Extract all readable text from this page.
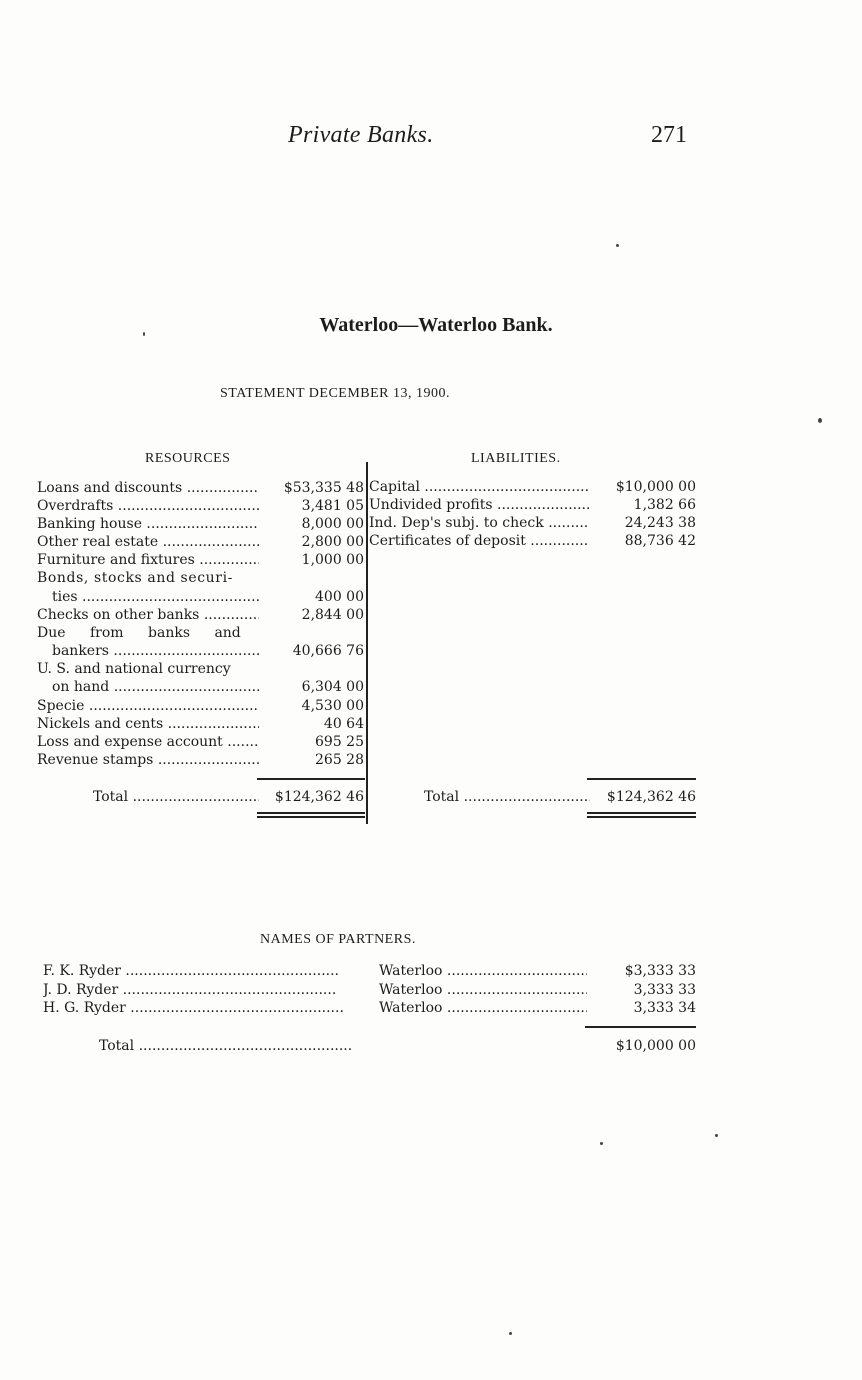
Private Banks.	271
Waterloo—Waterloo Bank.
STATEMENT DECEMBER 13, 1900.
RESOURCES	LIABILITIES.
Loans and discounts .....	$53,335 48
Overdrafts .....	3,481 05
Banking house .....	8,000 00
Other real estate .....	2,800 00
Furniture and fixtures .....	1,000 00
Bonds, stocks and securi-
ties .....	400 00
Checks on other banks .....	2,844 00
Due from banks and
bankers .....	40,666 76
U. S. and national currency
on hand .....	6,304 00
Specie .....	4,530 00
Nickels and cents .....	40 64
Loss and expense account .....	695 25
Revenue stamps .....	265 28
Total .....	$124,362 46
Capital .....	$10,000 00
Undivided profits .....	1,382 66
Ind. Dep's subj. to check .....	24,243 38
Certificates of deposit .....	88,736 42
Total .....	$124,362 46
NAMES OF PARTNERS.
F. K. Ryder .....	Waterloo .....	$3,333 33
J. D. Ryder .....	Waterloo .....	3,333 33
H. G. Ryder .....	Waterloo .....	3,333 34
Total .....	$10,000 00
